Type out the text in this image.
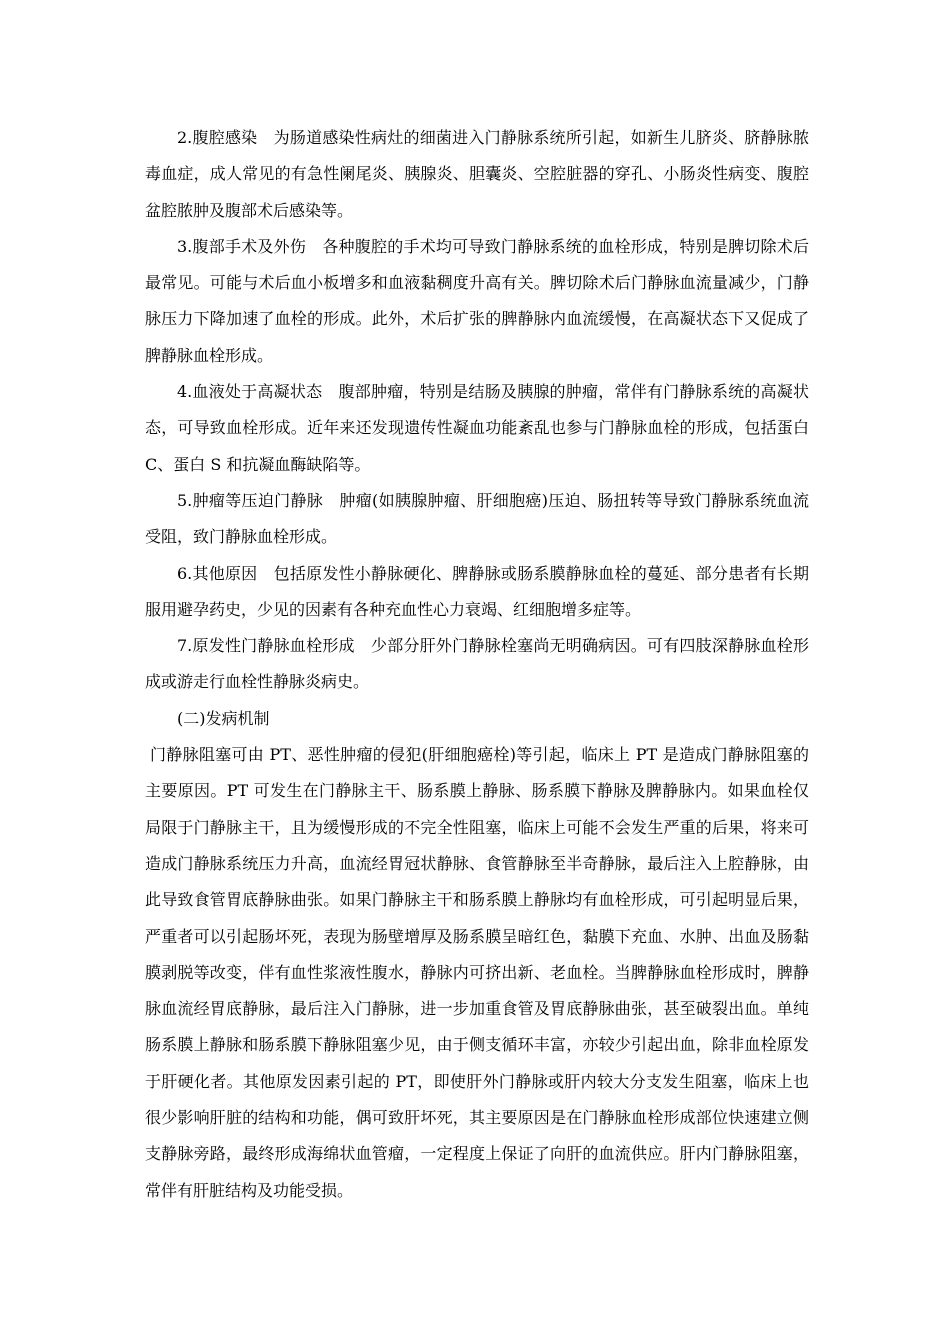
2.腹腔感染　为肠道感染性病灶的细菌进入门静脉系统所引起，如新生儿脐炎、脐静脉脓毒血症，成人常见的有急性阑尾炎、胰腺炎、胆囊炎、空腔脏器的穿孔、小肠炎性病变、腹腔盆腔脓肿及腹部术后感染等。

3.腹部手术及外伤　各种腹腔的手术均可导致门静脉系统的血栓形成，特别是脾切除术后最常见。可能与术后血小板增多和血液黏稠度升高有关。脾切除术后门静脉血流量减少，门静脉压力下降加速了血栓的形成。此外，术后扩张的脾静脉内血流缓慢，在高凝状态下又促成了脾静脉血栓形成。

4.血液处于高凝状态　腹部肿瘤，特别是结肠及胰腺的肿瘤，常伴有门静脉系统的高凝状态，可导致血栓形成。近年来还发现遗传性凝血功能紊乱也参与门静脉血栓的形成，包括蛋白 C、蛋白 S 和抗凝血酶缺陷等。

5.肿瘤等压迫门静脉　肿瘤(如胰腺肿瘤、肝细胞癌)压迫、肠扭转等导致门静脉系统血流受阻，致门静脉血栓形成。

6.其他原因　包括原发性小静脉硬化、脾静脉或肠系膜静脉血栓的蔓延、部分患者有长期服用避孕药史，少见的因素有各种充血性心力衰竭、红细胞增多症等。

7.原发性门静脉血栓形成　少部分肝外门静脉栓塞尚无明确病因。可有四肢深静脉血栓形成或游走行血栓性静脉炎病史。

(二)发病机制

门静脉阻塞可由 PT、恶性肿瘤的侵犯(肝细胞癌栓)等引起，临床上 PT 是造成门静脉阻塞的主要原因。PT 可发生在门静脉主干、肠系膜上静脉、肠系膜下静脉及脾静脉内。如果血栓仅局限于门静脉主干，且为缓慢形成的不完全性阻塞，临床上可能不会发生严重的后果，将来可造成门静脉系统压力升高，血流经胃冠状静脉、食管静脉至半奇静脉，最后注入上腔静脉，由此导致食管胃底静脉曲张。如果门静脉主干和肠系膜上静脉均有血栓形成，可引起明显后果，严重者可以引起肠坏死，表现为肠壁增厚及肠系膜呈暗红色，黏膜下充血、水肿、出血及肠黏膜剥脱等改变，伴有血性浆液性腹水，静脉内可挤出新、老血栓。当脾静脉血栓形成时，脾静脉血流经胃底静脉，最后注入门静脉，进一步加重食管及胃底静脉曲张，甚至破裂出血。单纯肠系膜上静脉和肠系膜下静脉阻塞少见，由于侧支循环丰富，亦较少引起出血，除非血栓原发于肝硬化者。其他原发因素引起的 PT，即使肝外门静脉或肝内较大分支发生阻塞，临床上也很少影响肝脏的结构和功能，偶可致肝坏死，其主要原因是在门静脉血栓形成部位快速建立侧支静脉旁路，最终形成海绵状血管瘤，一定程度上保证了向肝的血流供应。肝内门静脉阻塞，常伴有肝脏结构及功能受损。
